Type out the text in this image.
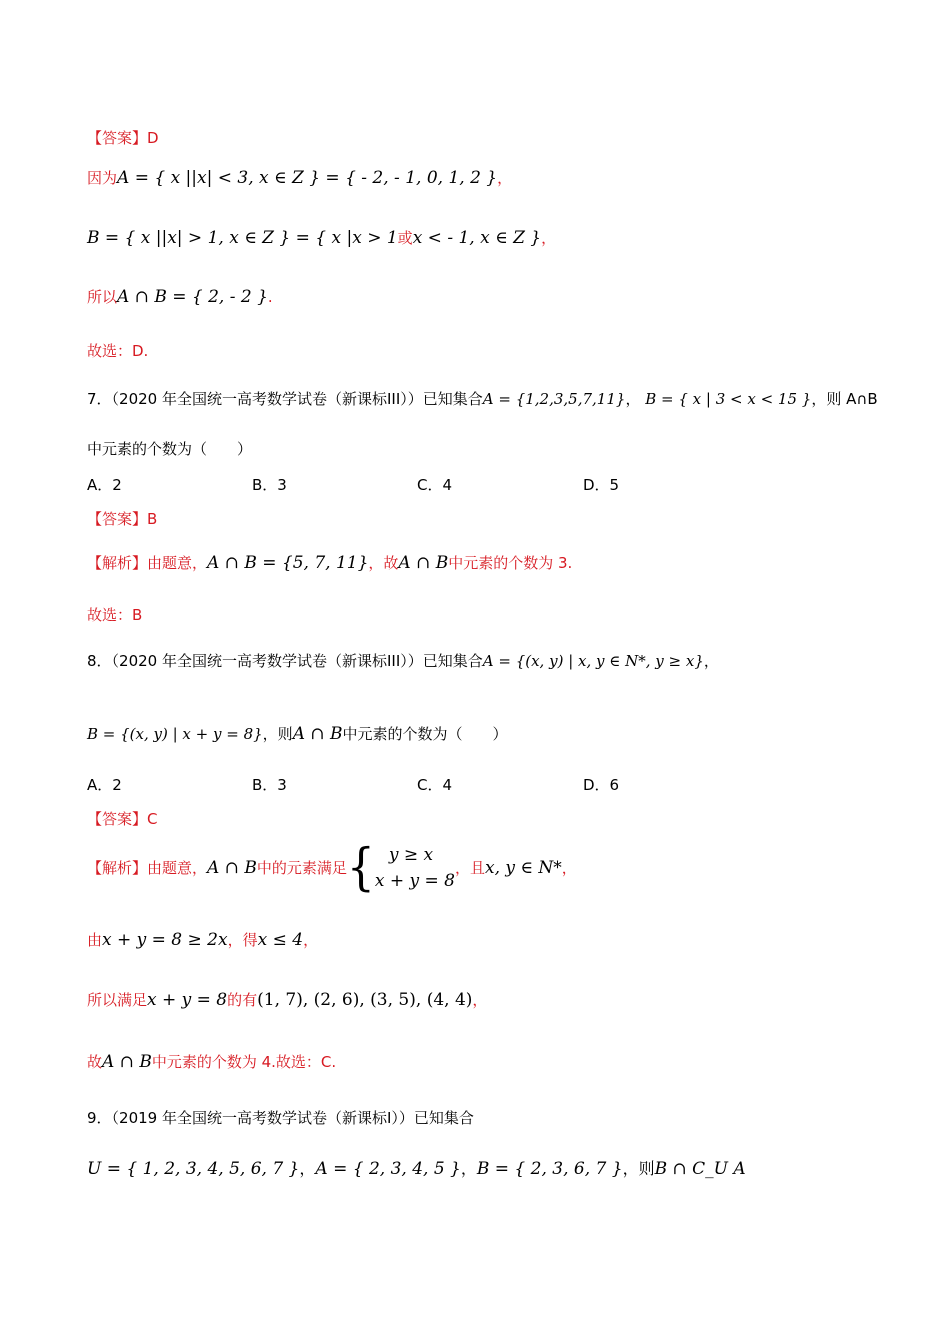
【答案】D
因为A = { x ||x| < 3, x ∈ Z } = { - 2, - 1, 0, 1, 2 }，
B = { x ||x| > 1, x ∈ Z } = { x |x > 1或x < - 1, x ∈ Z }，
所以A ∩ B = { 2, - 2 }.
故选：D.
7．（2020 年全国统一高考数学试卷（新课标III））已知集合A = {1,2,3,5,7,11}， B = { x | 3 < x < 15 }，则 A∩B
中元素的个数为（　　）
A．2	B．3	C．4	D．5
【答案】B
【解析】由题意，A ∩ B = {5, 7, 11}，故A ∩ B中元素的个数为 3.
故选：B
8．（2020 年全国统一高考数学试卷（新课标III））已知集合A = {(x, y) | x, y ∈ N*, y ≥ x}，
B = {(x, y) | x + y = 8}，则A ∩ B中元素的个数为（　　）
A．2	B．3	C．4	D．6
【答案】C
【解析】由题意，A ∩ B中的元素满足{ y ≥ x
x + y = 8
，且x, y ∈ N*，
由x + y = 8 ≥ 2x，得x ≤ 4，
所以满足x + y = 8的有(1, 7), (2, 6), (3, 5), (4, 4)，
故A ∩ B中元素的个数为 4.故选：C.
9．（2019 年全国统一高考数学试卷（新课标Ⅰ））已知集合
U = { 1, 2, 3, 4, 5, 6, 7 }，A = { 2, 3, 4, 5 }，B = { 2, 3, 6, 7 }，则B ∩ C_U A
